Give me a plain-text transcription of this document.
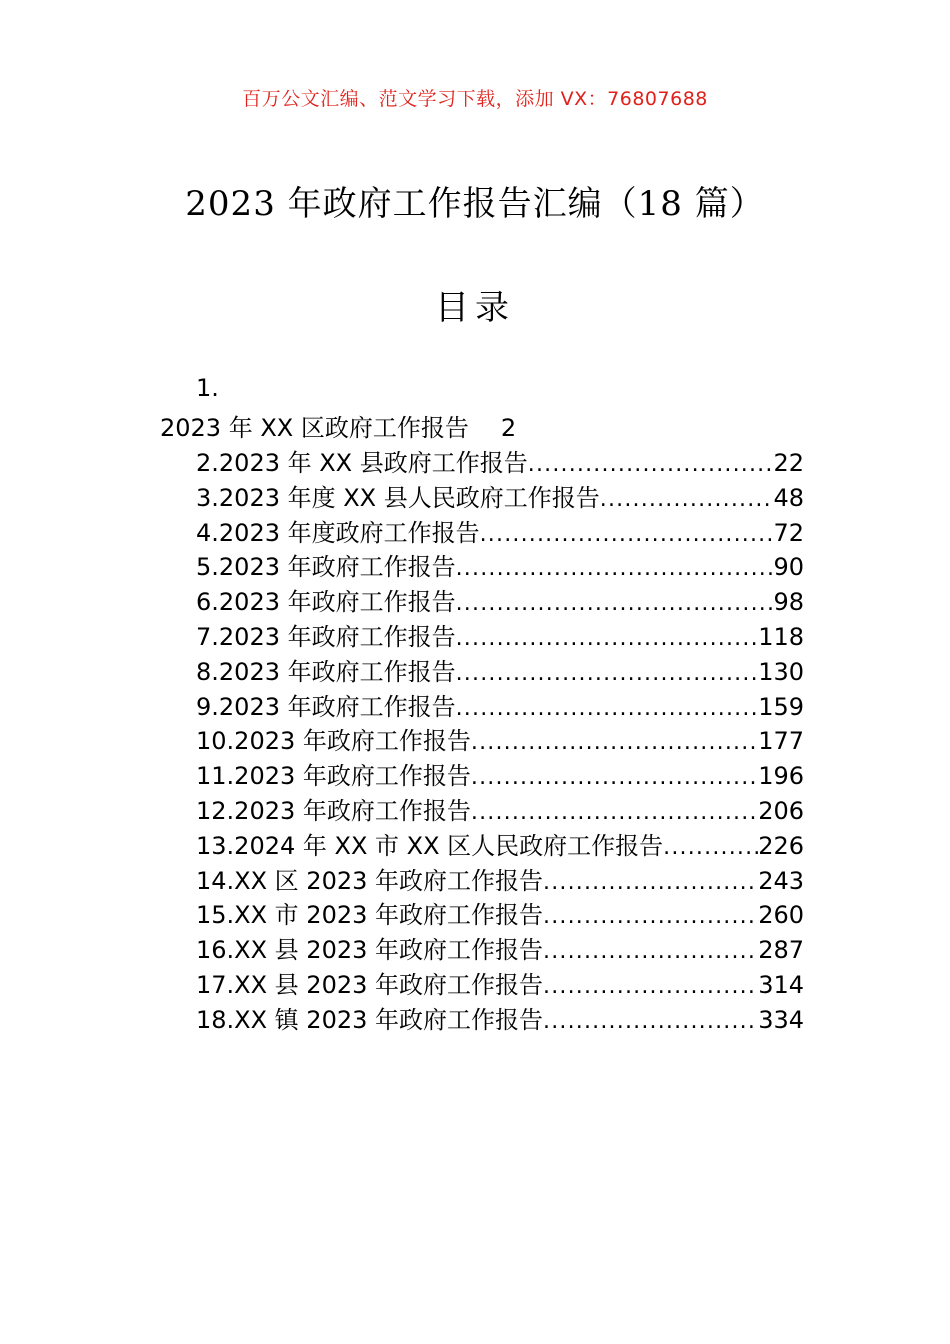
百万公文汇编、范文学习下载，添加 VX：76807688
2023 年政府工作报告汇编（18 篇）
目录
1.
2023 年 XX 区政府工作报告 2
2.2023 年 XX 县政府工作报告 .....	22
3.2023 年度 XX 县人民政府工作报告 .....	48
4.2023 年度政府工作报告 .....	72
5.2023 年政府工作报告 .....	90
6.2023 年政府工作报告 .....	98
7.2023 年政府工作报告 .....	118
8.2023 年政府工作报告 .....	130
9.2023 年政府工作报告 .....	159
10.2023 年政府工作报告 .....	177
11.2023 年政府工作报告 .....	196
12.2023 年政府工作报告 .....	206
13.2024 年 XX 市 XX 区人民政府工作报告 .....	226
14.XX 区 2023 年政府工作报告 .....	243
15.XX 市 2023 年政府工作报告 .....	260
16.XX 县 2023 年政府工作报告 .....	287
17.XX 县 2023 年政府工作报告 .....	314
18.XX 镇 2023 年政府工作报告 .....	334
